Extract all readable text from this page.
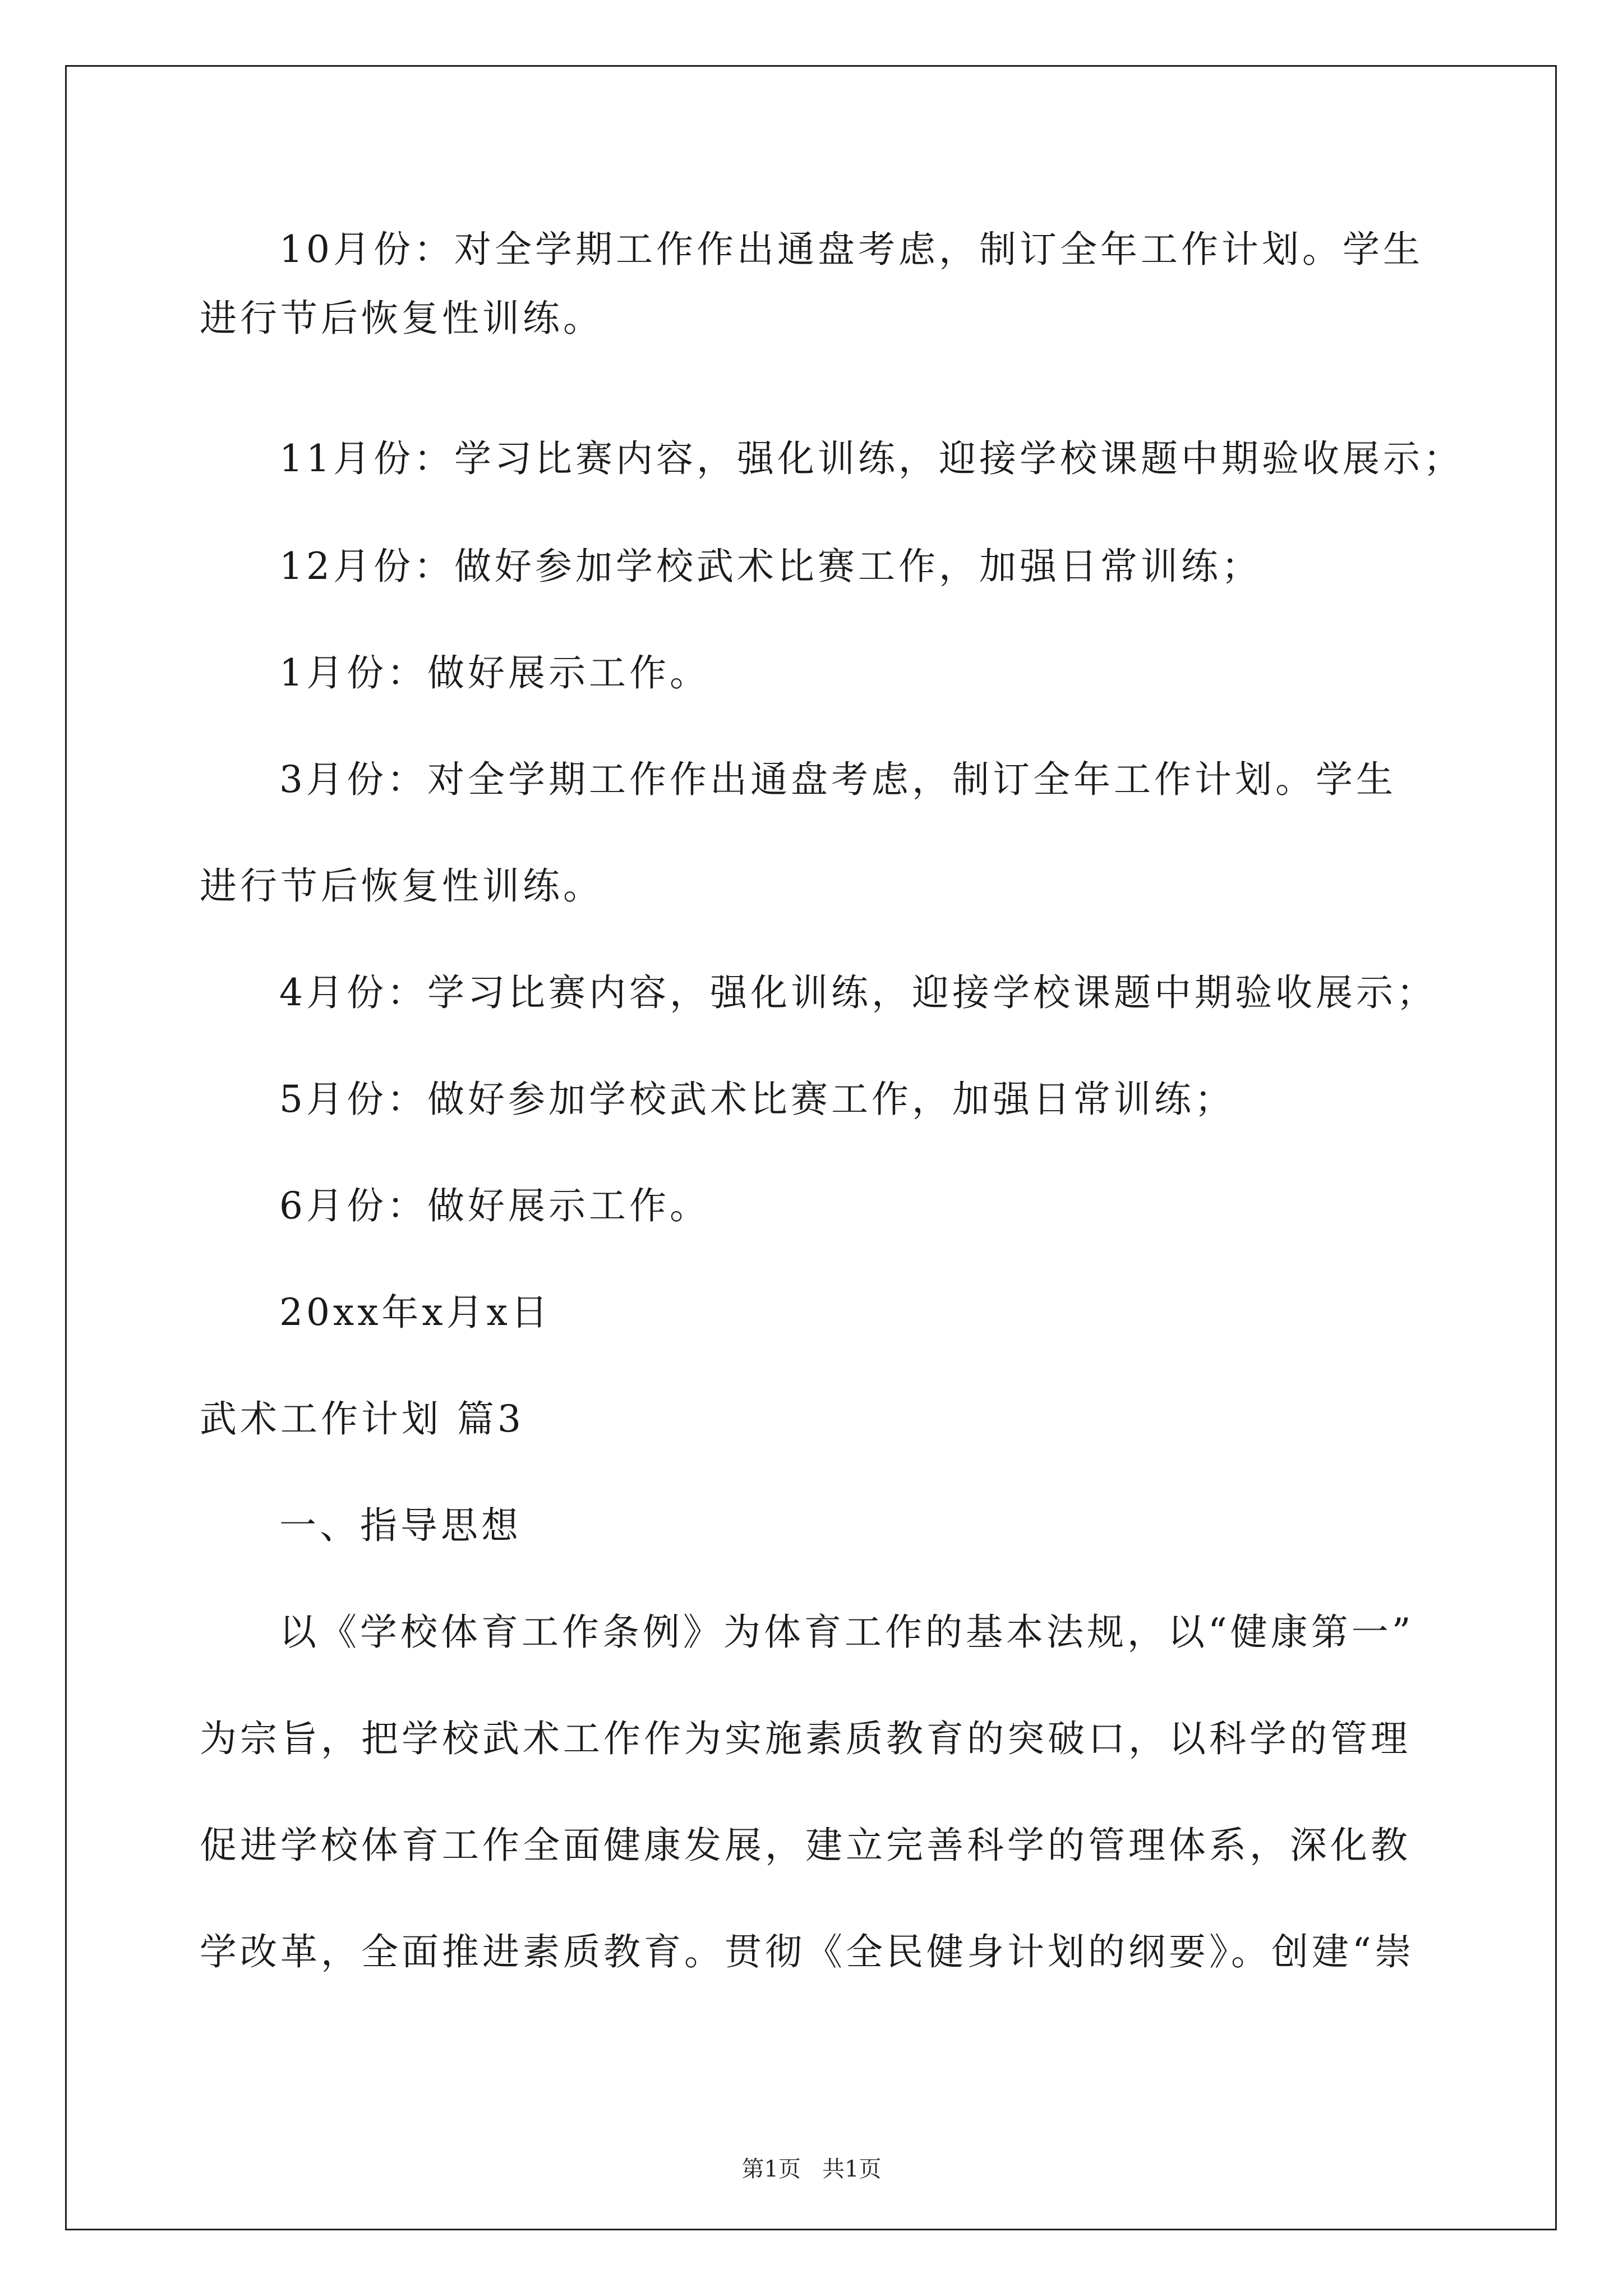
10月份：对全学期工作作出通盘考虑，制订全年工作计划。学生
进行节后恢复性训练。
11月份：学习比赛内容，强化训练，迎接学校课题中期验收展示；
12月份：做好参加学校武术比赛工作，加强日常训练；
1月份：做好展示工作。
3月份：对全学期工作作出通盘考虑，制订全年工作计划。学生
进行节后恢复性训练。
4月份：学习比赛内容，强化训练，迎接学校课题中期验收展示；
5月份：做好参加学校武术比赛工作，加强日常训练；
6月份：做好展示工作。
20xx年x月x日
武术工作计划 篇3
一、指导思想
以《学校体育工作条例》为体育工作的基本法规，以“健康第一”
为宗旨，把学校武术工作作为实施素质教育的突破口，以科学的管理
促进学校体育工作全面健康发展，建立完善科学的管理体系，深化教
学改革，全面推进素质教育。贯彻《全民健身计划的纲要》。创建“崇
第1页   共1页
